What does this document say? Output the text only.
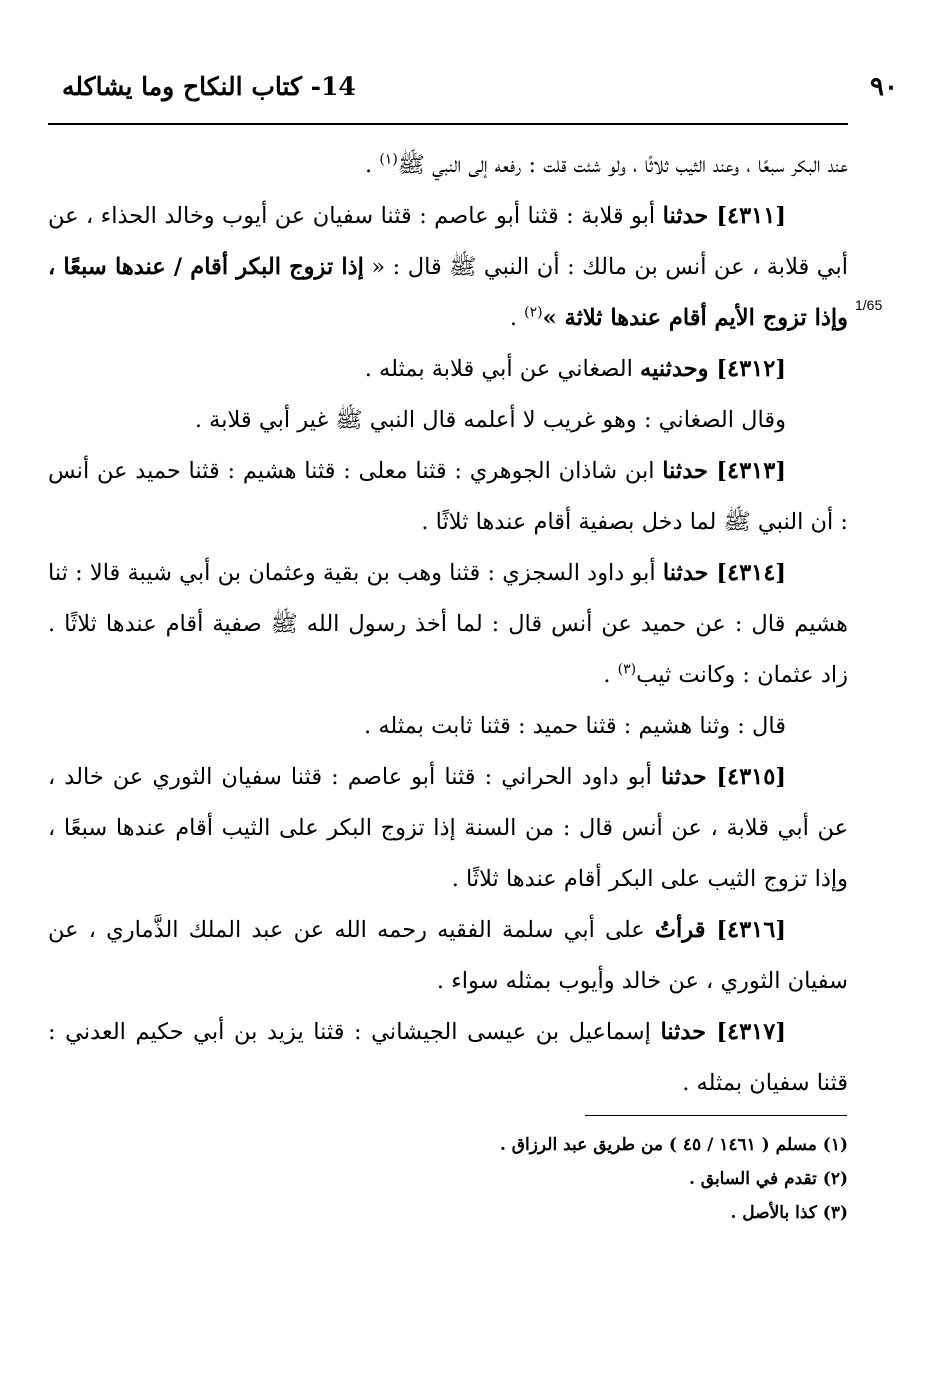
٩٠
14- كتاب النكاح وما يشاكله
1/65

عند البكر سبعًا ، وعند الثيب ثلاثًا ، ولو شئت قلت : رفعه إلى النبي ﷺ$^{(١)}$ .

[٤٣١١] حدثنا أبو قلابة : قثنا أبو عاصم : قثنا سفيان عن أيوب وخالد الحذاء ، عن أبي قلابة ، عن أنس بن مالك : أن النبي ﷺ قال : « إذا تزوج البكر أقام / عندها سبعًا ، وإذا تزوج الأيم أقام عندها ثلاثة »$^{(٢)}$ .

[٤٣١٢] وحدثنيه الصغاني عن أبي قلابة بمثله .

وقال الصغاني : وهو غريب لا أعلمه قال النبي ﷺ غير أبي قلابة .

[٤٣١٣] حدثنا ابن شاذان الجوهري : قثنا معلى : قثنا هشيم : قثنا حميد عن أنس : أن النبي ﷺ لما دخل بصفية أقام عندها ثلاثًا .

[٤٣١٤] حدثنا أبو داود السجزي : قثنا وهب بن بقية وعثمان بن أبي شيبة قالا : ثنا هشيم قال : عن حميد عن أنس قال : لما أخذ رسول الله ﷺ صفية أقام عندها ثلاثًا . زاد عثمان : وكانت ثيب$^{(٣)}$ .

قال : وثنا هشيم : قثنا حميد : قثنا ثابت بمثله .

[٤٣١٥] حدثنا أبو داود الحراني : قثنا أبو عاصم : قثنا سفيان الثوري عن خالد ، عن أبي قلابة ، عن أنس قال : من السنة إذا تزوج البكر على الثيب أقام عندها سبعًا ، وإذا تزوج الثيب على البكر أقام عندها ثلاثًا .

[٤٣١٦] قرأتُ على أبي سلمة الفقيه رحمه الله عن عبد الملك الذَّماري ، عن سفيان الثوري ، عن خالد وأيوب بمثله سواء .

[٤٣١٧] حدثنا إسماعيل بن عيسى الجيشاني : قثنا يزيد بن أبي حكيم العدني : قثنا سفيان بمثله .

(١) مسلم ( ١٤٦١ / ٤٥ ) من طريق عبد الرزاق .

(٢) تقدم في السابق .

(٣) كذا بالأصل .
